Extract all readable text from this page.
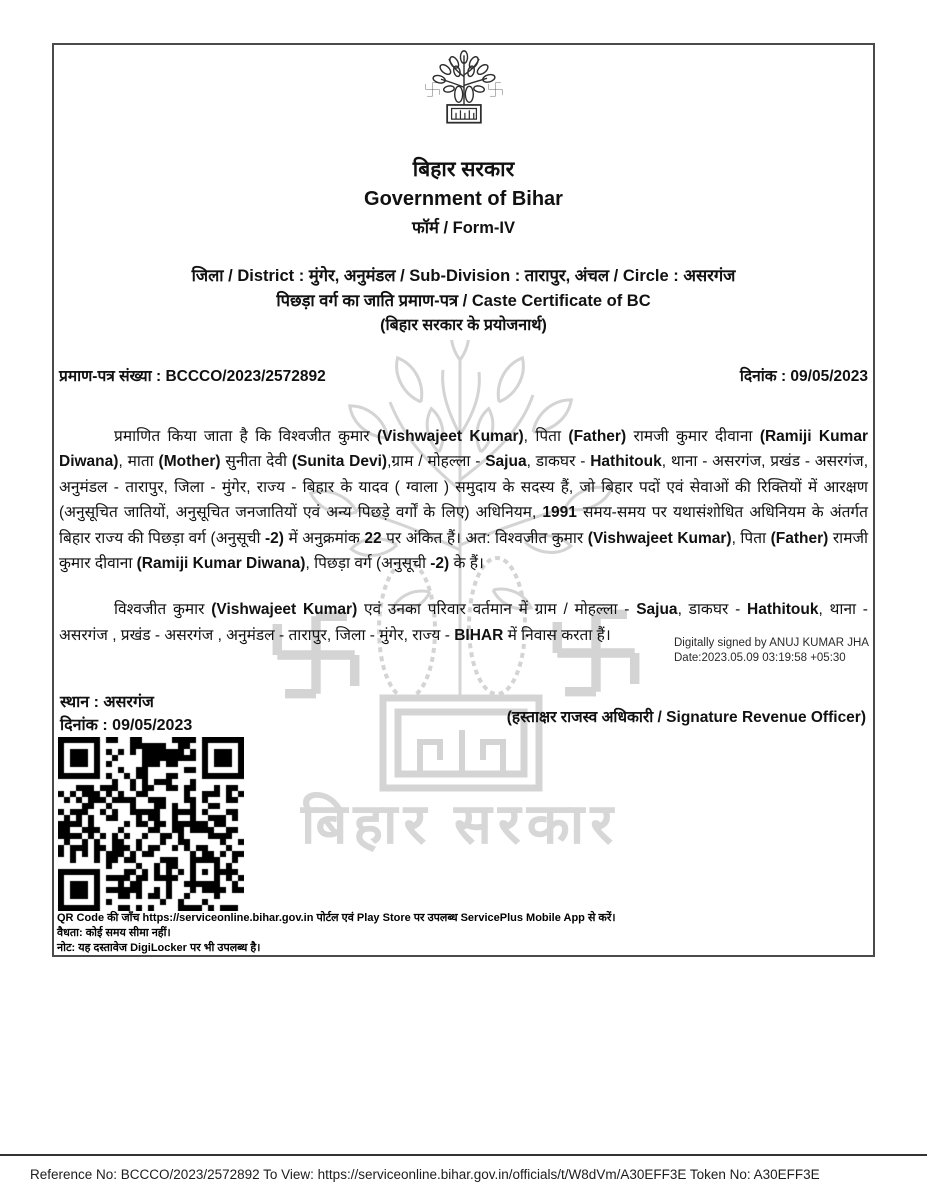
बिहार सरकार
बिहार सरकार
Government of Bihar
फॉर्म / Form-IV
जिला / District : मुंगेर, अनुमंडल / Sub-Division : तारापुर, अंचल / Circle : असरगंज
पिछड़ा वर्ग का जाति प्रमाण-पत्र / Caste Certificate of BC
(बिहार सरकार के प्रयोजनार्थ)
प्रमाण-पत्र संख्या : BCCCO/2023/2572892	दिनांक : 09/05/2023
प्रमाणित किया जाता है कि विश्वजीत कुमार (Vishwajeet Kumar), पिता (Father) रामजी कुमार दीवाना (Ramiji Kumar Diwana), माता (Mother) सुनीता देवी (Sunita Devi),ग्राम / मोहल्ला - Sajua, डाकघर - Hathitouk, थाना - असरगंज, प्रखंड - असरगंज, अनुमंडल - तारापुर, जिला - मुंगेर, राज्य - बिहार के यादव ( ग्वाला ) समुदाय के सदस्य हैं, जो बिहार पदों एवं सेवाओं की रिक्तियों में आरक्षण (अनुसूचित जातियों, अनुसूचित जनजातियों एवं अन्य पिछड़े वर्गों के लिए) अधिनियम, 1991 समय-समय पर यथासंशोधित अधिनियम के अंतर्गत बिहार राज्य की पिछड़ा वर्ग (अनुसूची -2) में अनुक्रमांक 22 पर अंकित हैं। अत: विश्वजीत कुमार (Vishwajeet Kumar), पिता (Father) रामजी कुमार दीवाना (Ramiji Kumar Diwana), पिछड़ा वर्ग (अनुसूची -2) के हैं।
विश्वजीत कुमार (Vishwajeet Kumar) एवं उनका परिवार वर्तमान में ग्राम / मोहल्ला - Sajua, डाकघर - Hathitouk, थाना - असरगंज , प्रखंड - असरगंज , अनुमंडल - तारापुर, जिला - मुंगेर, राज्य - BIHAR में निवास करता हैं।	Digitally signed by ANUJ KUMAR JHA
Date:2023.05.09 03:19:58 +05:30
स्थान : असरगंज
दिनांक : 09/05/2023	(हस्ताक्षर राजस्व अधिकारी / Signature Revenue Officer)
QR Code की जाँच https://serviceonline.bihar.gov.in पोर्टल एवं Play Store पर उपलब्ध ServicePlus Mobile App से करें।
वैधता: कोई समय सीमा नहीं।
नोट: यह दस्तावेज DigiLocker पर भी उपलब्ध है।
Reference No: BCCCO/2023/2572892 To View: https://serviceonline.bihar.gov.in/officials/t/W8dVm/A30EFF3E Token No: A30EFF3E
